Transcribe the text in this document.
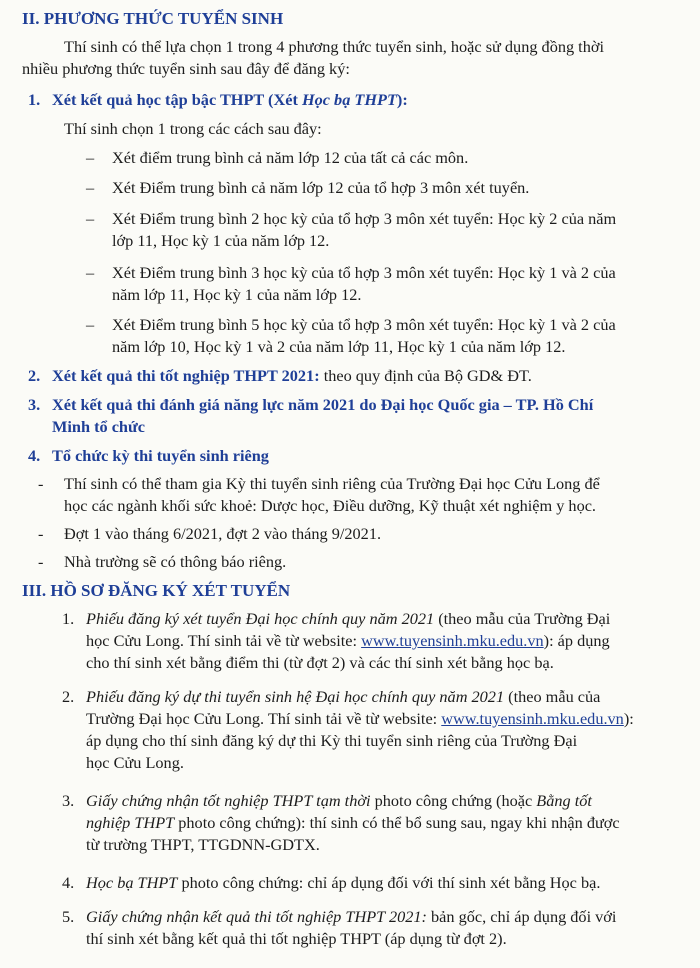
II. PHƯƠNG THỨC TUYỂN SINH
Thí sinh có thể lựa chọn 1 trong 4 phương thức tuyển sinh, hoặc sử dụng đồng thời
nhiều phương thức tuyển sinh sau đây để đăng ký:
1. Xét kết quả học tập bậc THPT (Xét Học bạ THPT):
Thí sinh chọn 1 trong các cách sau đây:
– Xét điểm trung bình cả năm lớp 12 của tất cả các môn.
– Xét Điểm trung bình cả năm lớp 12 của tổ hợp 3 môn xét tuyển.
– Xét Điểm trung bình 2 học kỳ của tổ hợp 3 môn xét tuyển: Học kỳ 2 của năm
lớp 11, Học kỳ 1 của năm lớp 12.
– Xét Điểm trung bình 3 học kỳ của tổ hợp 3 môn xét tuyển: Học kỳ 1 và 2 của
năm lớp 11, Học kỳ 1 của năm lớp 12.
– Xét Điểm trung bình 5 học kỳ của tổ hợp 3 môn xét tuyển: Học kỳ 1 và 2 của
năm lớp 10, Học kỳ 1 và 2 của năm lớp 11, Học kỳ 1 của năm lớp 12.
2. Xét kết quả thi tốt nghiệp THPT 2021: theo quy định của Bộ GD& ĐT.
3. Xét kết quả thi đánh giá năng lực năm 2021 do Đại học Quốc gia – TP. Hồ Chí
Minh tổ chức
4. Tổ chức kỳ thi tuyển sinh riêng
- Thí sinh có thể tham gia Kỳ thi tuyển sinh riêng của Trường Đại học Cửu Long để
học các ngành khối sức khoẻ: Dược học, Điều dưỡng, Kỹ thuật xét nghiệm y học.
- Đợt 1 vào tháng 6/2021, đợt 2 vào tháng 9/2021.
- Nhà trường sẽ có thông báo riêng.
III. HỒ SƠ ĐĂNG KÝ XÉT TUYỂN
1. Phiếu đăng ký xét tuyển Đại học chính quy năm 2021 (theo mẫu của Trường Đại
học Cửu Long. Thí sinh tải về từ website: www.tuyensinh.mku.edu.vn): áp dụng
cho thí sinh xét bằng điểm thi (từ đợt 2) và các thí sinh xét bằng học bạ.
2. Phiếu đăng ký dự thi tuyển sinh hệ Đại học chính quy năm 2021 (theo mẫu của
Trường Đại học Cửu Long. Thí sinh tải về từ website: www.tuyensinh.mku.edu.vn):
áp dụng cho thí sinh đăng ký dự thi Kỳ thi tuyển sinh riêng của Trường Đại
học Cửu Long.
3. Giấy chứng nhận tốt nghiệp THPT tạm thời photo công chứng (hoặc Bằng tốt
nghiệp THPT photo công chứng): thí sinh có thể bổ sung sau, ngay khi nhận được
từ trường THPT, TTGDNN-GDTX.
4. Học bạ THPT photo công chứng: chỉ áp dụng đối với thí sinh xét bằng Học bạ.
5. Giấy chứng nhận kết quả thi tốt nghiệp THPT 2021: bản gốc, chỉ áp dụng đối với
thí sinh xét bằng kết quả thi tốt nghiệp THPT (áp dụng từ đợt 2).
